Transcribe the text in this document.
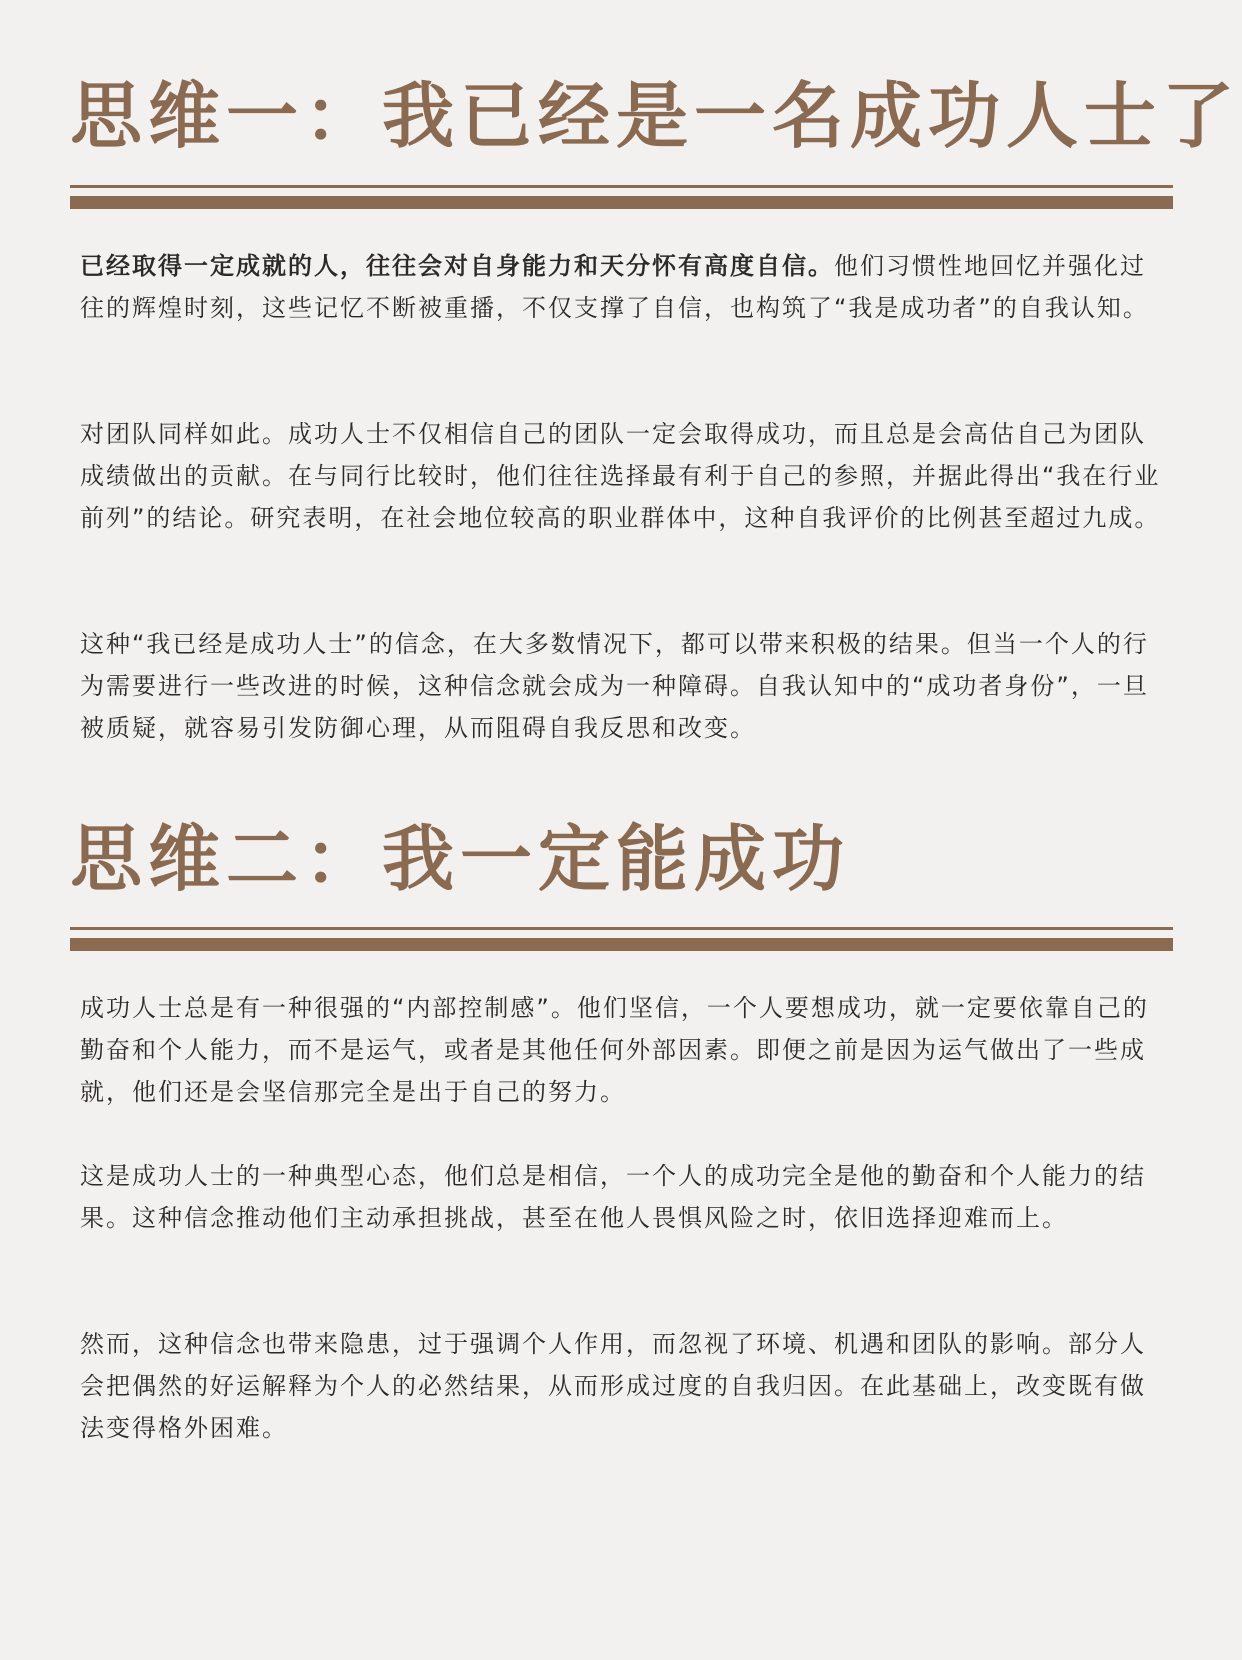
思维一：我已经是一名成功人士了
已经取得一定成就的人，往往会对自身能力和天分怀有高度自信。他们习惯性地回忆并强化过往的辉煌时刻，这些记忆不断被重播，不仅支撑了自信，也构筑了“我是成功者”的自我认知。
对团队同样如此。成功人士不仅相信自己的团队一定会取得成功，而且总是会高估自己为团队成绩做出的贡献。在与同行比较时，他们往往选择最有利于自己的参照，并据此得出“我在行业前列”的结论。研究表明，在社会地位较高的职业群体中，这种自我评价的比例甚至超过九成。
这种“我已经是成功人士”的信念，在大多数情况下，都可以带来积极的结果。但当一个人的行为需要进行一些改进的时候，这种信念就会成为一种障碍。自我认知中的“成功者身份”，一旦被质疑，就容易引发防御心理，从而阻碍自我反思和改变。
思维二：我一定能成功
成功人士总是有一种很强的“内部控制感”。他们坚信，一个人要想成功，就一定要依靠自己的勤奋和个人能力，而不是运气，或者是其他任何外部因素。即便之前是因为运气做出了一些成就，他们还是会坚信那完全是出于自己的努力。
这是成功人士的一种典型心态，他们总是相信，一个人的成功完全是他的勤奋和个人能力的结果。这种信念推动他们主动承担挑战，甚至在他人畏惧风险之时，依旧选择迎难而上。
然而，这种信念也带来隐患，过于强调个人作用，而忽视了环境、机遇和团队的影响。部分人会把偶然的好运解释为个人的必然结果，从而形成过度的自我归因。在此基础上，改变既有做法变得格外困难。
